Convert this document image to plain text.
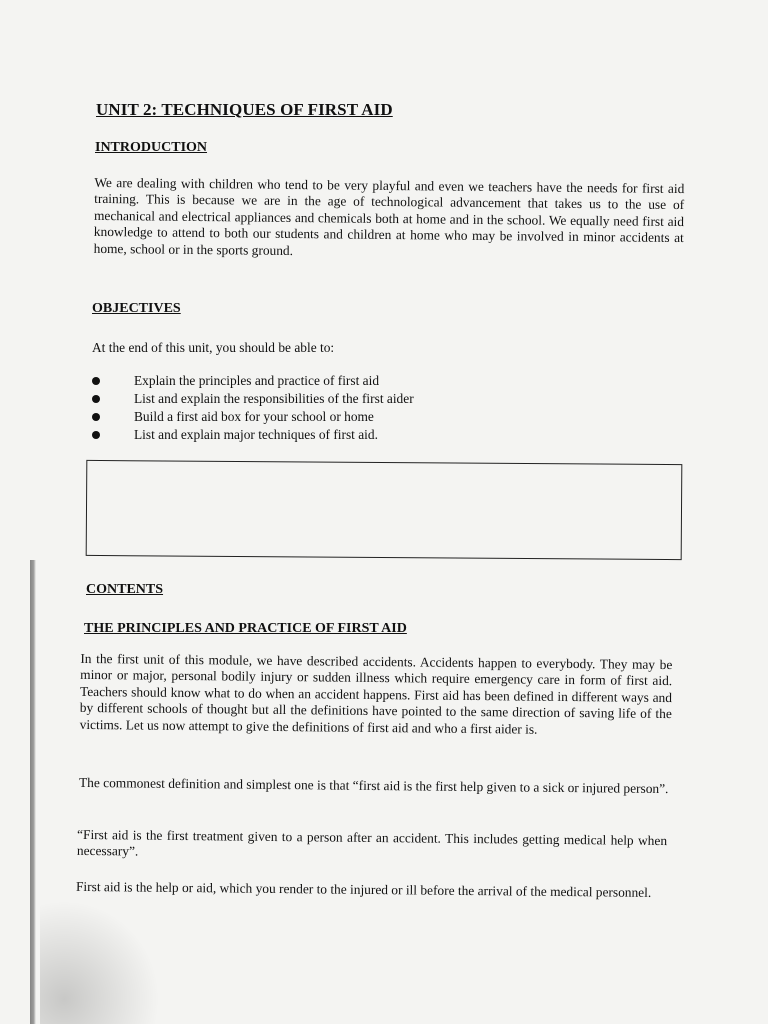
UNIT 2: TECHNIQUES OF FIRST AID
INTRODUCTION
We are dealing with children who tend to be very playful and even we teachers have the needs for first aid training. This is because we are in the age of technological advancement that takes us to the use of mechanical and electrical appliances and chemicals both at home and in the school. We equally need first aid knowledge to attend to both our students and children at home who may be involved in minor accidents at home, school or in the sports ground.
OBJECTIVES
At the end of this unit, you should be able to:
Explain the principles and practice of first aid
List and explain the responsibilities of the first aider
Build a first aid box for your school or home
List and explain major techniques of first aid.
CONTENTS
THE PRINCIPLES AND PRACTICE OF FIRST AID
In the first unit of this module, we have described accidents. Accidents happen to everybody. They may be minor or major, personal bodily injury or sudden illness which require emergency care in form of first aid. Teachers should know what to do when an accident happens. First aid has been defined in different ways and by different schools of thought but all the definitions have pointed to the same direction of saving life of the victims. Let us now attempt to give the definitions of first aid and who a first aider is.
The commonest definition and simplest one is that “first aid is the first help given to a sick or injured person”.
“First aid is the first treatment given to a person after an accident. This includes getting medical help when necessary”.
First aid is the help or aid, which you render to the injured or ill before the arrival of the medical personnel.
